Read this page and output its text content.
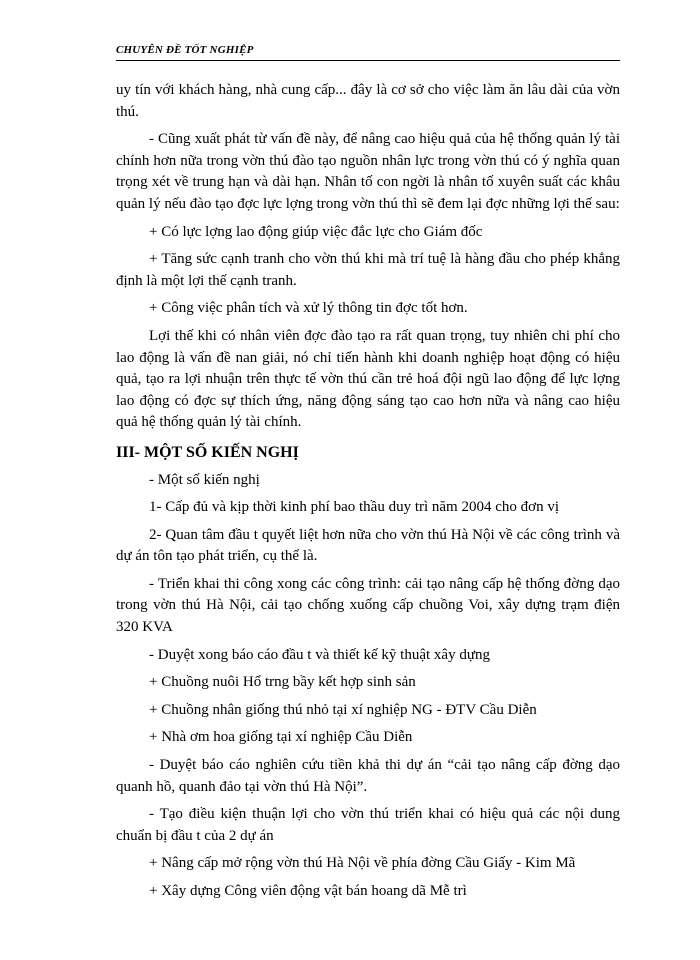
CHUYÊN ĐỀ TỐT NGHIỆP

uy tín với khách hàng, nhà cung cấp... đây là cơ sở cho việc làm ăn lâu dài của vờn thú.

- Cũng xuất phát từ vấn đề này, để nâng cao hiệu quả của hệ thống quản lý tài chính hơn nữa trong vờn thú đào tạo nguồn nhân lực trong vờn thú có ý nghĩa quan trọng xét về trung hạn và dài hạn. Nhân tố con ngời là nhân tố xuyên suất các khâu quản lý nếu đào tạo đợc lực lợng trong vờn thú thì sẽ đem lại đợc những lợi thế sau:

+ Có lực lợng lao động giúp việc đắc lực cho Giám đốc

+ Tăng sức cạnh tranh cho vờn thú khi mà trí tuệ là hàng đầu cho phép khẳng định là một lợi thế cạnh tranh.

+ Công việc phân tích và xử lý thông tin đợc tốt hơn.

Lợi thế khi có nhân viên đợc đào tạo ra rất quan trọng, tuy nhiên chi phí cho lao động là vấn đề nan giải, nó chỉ tiến hành khi doanh nghiệp hoạt động có hiệu quả, tạo ra lợi nhuận trên thực tế vờn thú cần trẻ hoá đội ngũ lao động để lực lợng lao động có đợc sự thích ứng, năng động sáng tạo cao hơn nữa và nâng cao hiệu quả hệ thống quản lý tài chính.

III- MỘT SỐ KIẾN NGHỊ

- Một số kiến nghị

1- Cấp đủ và kịp thời kinh phí bao thầu duy trì năm 2004 cho đơn vị

2- Quan tâm đầu t quyết liệt hơn nữa cho vờn thú Hà Nội về các công trình và dự án tôn tạo phát triển, cụ thể là.

- Triển khai thi công xong các công trình: cải tạo nâng cấp hệ thống đờng dạo trong vờn thú Hà Nội, cải tạo chống xuống cấp chuồng Voi, xây dựng trạm điện 320 KVA

- Duyệt xong báo cáo đầu t và thiết kế kỹ thuật xây dựng

+ Chuồng nuôi Hổ trng bầy kết hợp sinh sản

+ Chuồng nhân giống thú nhỏ tại xí nghiệp NG - ĐTV Cầu Diễn

+ Nhà ơm hoa giống tại xí nghiệp Cầu Diễn

- Duyệt báo cáo nghiên cứu tiền khả thi dự án “cải tạo nâng cấp đờng dạo quanh hồ, quanh đảo tại vờn thú Hà Nội”.

- Tạo điều kiện thuận lợi cho vờn thú triển khai có hiệu quả các nội dung chuẩn bị đầu t của 2 dự án

+ Nâng cấp mở rộng vờn thú Hà Nội về phía đờng Cầu Giấy - Kim Mã

+ Xây dựng Công viên động vật bán hoang dã Mễ trì
